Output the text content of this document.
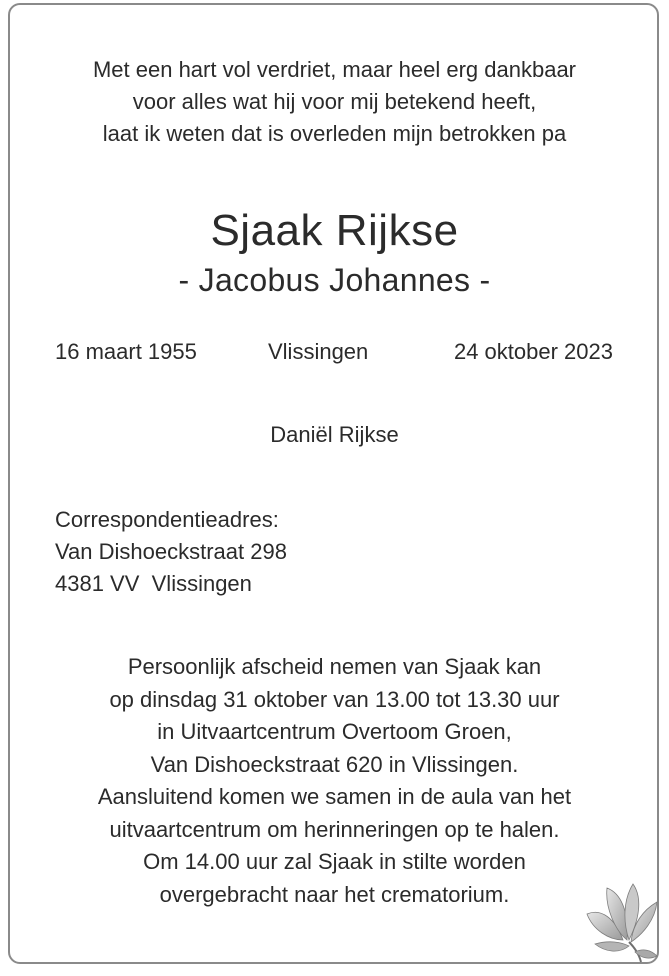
Met een hart vol verdriet, maar heel erg dankbaar
voor alles wat hij voor mij betekend heeft,
laat ik weten dat is overleden mijn betrokken pa
Sjaak Rijkse
- Jacobus Johannes -
16 maart 1955	Vlissingen	24 oktober 2023
Daniël Rijkse
Correspondentieadres:
Van Dishoeckstraat 298
4381 VV  Vlissingen
Persoonlijk afscheid nemen van Sjaak kan
op dinsdag 31 oktober van 13.00 tot 13.30 uur
in Uitvaartcentrum Overtoom Groen,
Van Dishoeckstraat 620 in Vlissingen.
Aansluitend komen we samen in de aula van het
uitvaartcentrum om herinneringen op te halen.
Om 14.00 uur zal Sjaak in stilte worden
overgebracht naar het crematorium.
